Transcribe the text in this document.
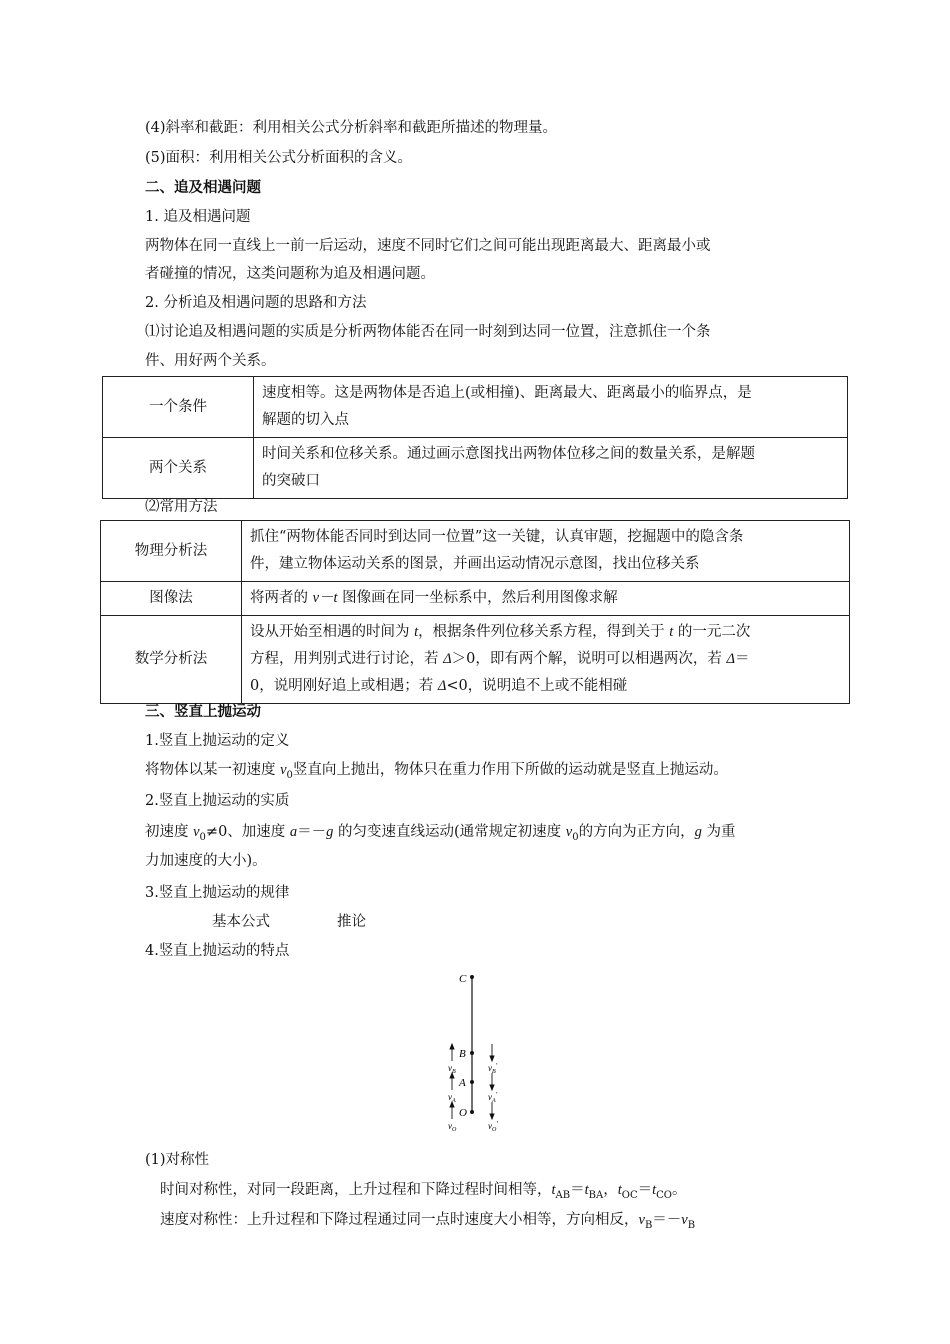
(4)斜率和截距：利用相关公式分析斜率和截距所描述的物理量。
(5)面积：利用相关公式分析面积的含义。
二、追及相遇问题
1. 追及相遇问题
两物体在同一直线上一前一后运动，速度不同时它们之间可能出现距离最大、距离最小或
者碰撞的情况，这类问题称为追及相遇问题。
2. 分析追及相遇问题的思路和方法
⑴讨论追及相遇问题的实质是分析两物体能否在同一时刻到达同一位置，注意抓住一个条
件、用好两个关系。
一个条件	速度相等。这是两物体是否追上(或相撞)、距离最大、距离最小的临界点，是
解题的切入点

两个关系	时间关系和位移关系。通过画示意图找出两物体位移之间的数量关系，是解题
的突破口
⑵常用方法
物理分析法	抓住“两物体能否同时到达同一位置”这一关键，认真审题，挖掘题中的隐含条
件，建立物体运动关系的图景，并画出运动情况示意图，找出位移关系

图像法	将两者的 v－t 图像画在同一坐标系中，然后利用图像求解
数学分析法	设从开始至相遇的时间为 t，根据条件列位移关系方程，得到关于 t 的一元二次
方程，用判别式进行讨论，若 Δ＞0，即有两个解，说明可以相遇两次，若 Δ＝
0，说明刚好追上或相遇；若 Δ<0，说明追不上或不能相碰
三、竖直上抛运动
1.竖直上抛运动的定义
将物体以某一初速度 $v_0$竖直向上抛出，物体只在重力作用下所做的运动就是竖直上抛运动。
2.竖直上抛运动的实质
初速度 $v_0\ne 0$、加速度 a＝－g 的匀变速直线运动(通常规定初速度 $v_0$的方向为正方向，g 为重
力加速度的大小)。
3.竖直上抛运动的规律
基本公式	推论
4.竖直上抛运动的特点
C
B
A
O
$v_B$
$v_A$
$v_O$
$v_B'$
$v_A'$
$v_O'$
(1)对称性
时间对称性，对同一段距离，上升过程和下降过程时间相等，$t_{AB}=t_{BA}$，$t_{OC}=t_{CO}$。
速度对称性：上升过程和下降过程通过同一点时速度大小相等，方向相反，$v_B=-v_B$
